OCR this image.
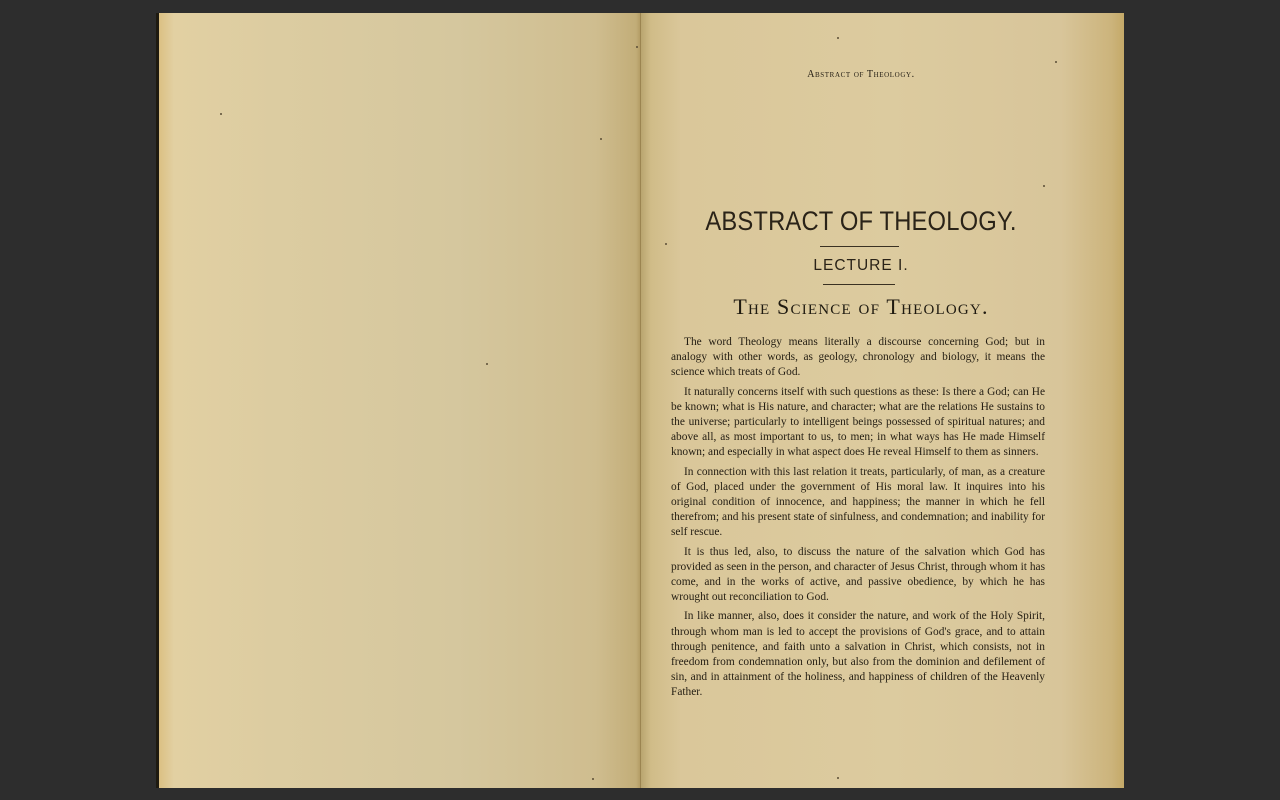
Abstract of Theology.
ABSTRACT OF THEOLOGY.
LECTURE I.
The Science of Theology.

The word Theology means literally a discourse concerning God; but in analogy with other words, as geology, chronology and biology, it means the science which treats of God.

It naturally concerns itself with such questions as these: Is there a God; can He be known; what is His nature, and character; what are the relations He sustains to the universe; particularly to intelligent beings possessed of spiritual natures; and above all, as most important to us, to men; in what ways has He made Himself known; and especially in what aspect does He reveal Himself to them as sinners.

In connection with this last relation it treats, particularly, of man, as a creature of God, placed under the government of His moral law. It inquires into his original condition of innocence, and happiness; the manner in which he fell therefrom; and his present state of sinfulness, and condemnation; and inability for self rescue.

It is thus led, also, to discuss the nature of the salvation which God has provided as seen in the person, and character of Jesus Christ, through whom it has come, and in the works of active, and passive obedience, by which he has wrought out reconciliation to God.

In like manner, also, does it consider the nature, and work of the Holy Spirit, through whom man is led to accept the provisions of God's grace, and to attain through penitence, and faith unto a salvation in Christ, which consists, not in freedom from condemnation only, but also from the dominion and defilement of sin, and in attainment of the holiness, and happiness of children of the Heavenly Father.
